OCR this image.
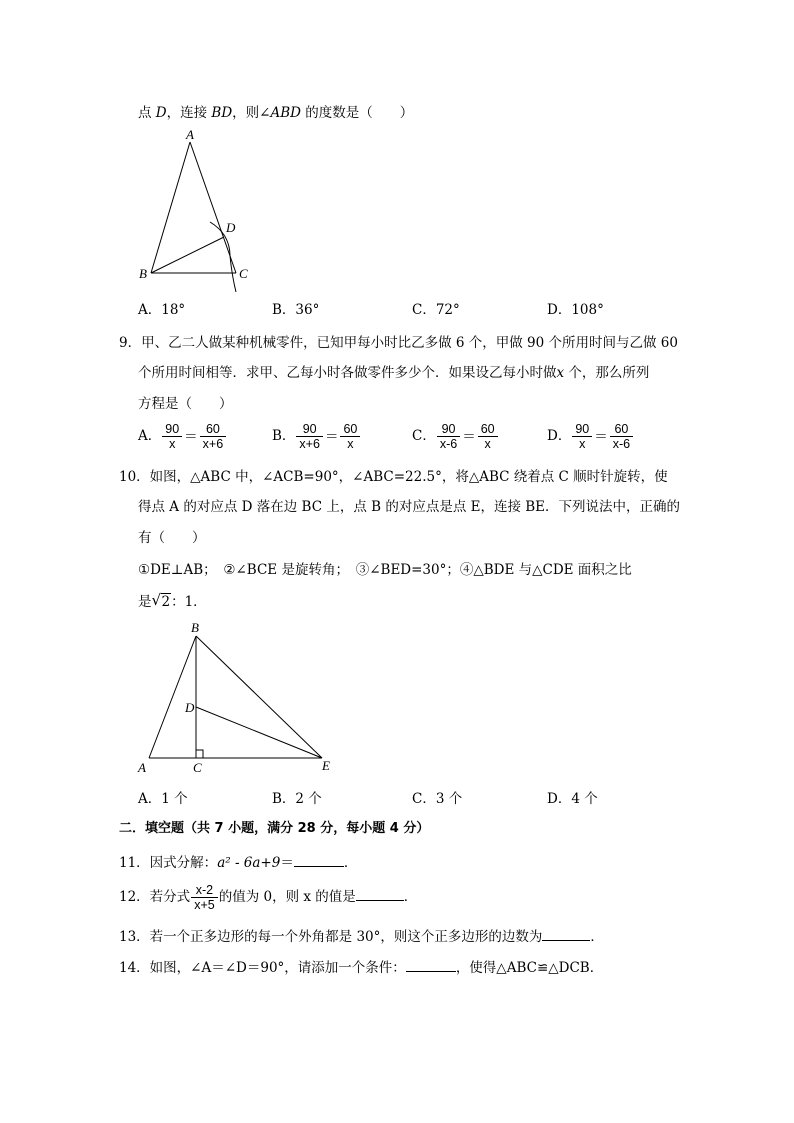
点 D，连接 BD，则∠ABD 的度数是（　　）
A
B	C
D
A．18°	B．36°	C．72°	D．108°
9．甲、乙二人做某种机械零件，已知甲每小时比乙多做 6 个，甲做 90 个所用时间与乙做 60
个所用时间相等．求甲、乙每小时各做零件多少个．如果设乙每小时做x 个，那么所列
方程是（　　）
A． $\frac{90}{x} = \frac{60}{x+6}$	B． $\frac{90}{x+6} = \frac{60}{x}$	C． $\frac{90}{x-6} = \frac{60}{x}$	D． $\frac{90}{x} = \frac{60}{x-6}$
10．如图，△ABC 中，∠ACB=90°，∠ABC=22.5°，将△ABC 绕着点 C 顺时针旋转，使
得点 A 的对应点 D 落在边 BC 上，点 B 的对应点是点 E，连接 BE．下列说法中，正确的
有（　　）
①DE⊥AB；　②∠BCE 是旋转角；　③∠BED=30°；④△BDE 与△CDE 面积之比
是 √ 2：1．
B
D
A	C	E
A．1 个	B．2 个	C．3 个	D．4 个
二．填空题（共 7 小题，满分 28 分，每小题 4 分）
11．因式分解：a² - 6a+9＝	．
12．若分式 $\frac{x-2}{x+5}$ 的值为 0，则 x 的值是	．
13．若一个正多边形的每一个外角都是 30°，则这个正多边形的边数为	．
14．如图，∠A＝∠D＝90°，请添加一个条件：	，使得△ABC≌△DCB．
